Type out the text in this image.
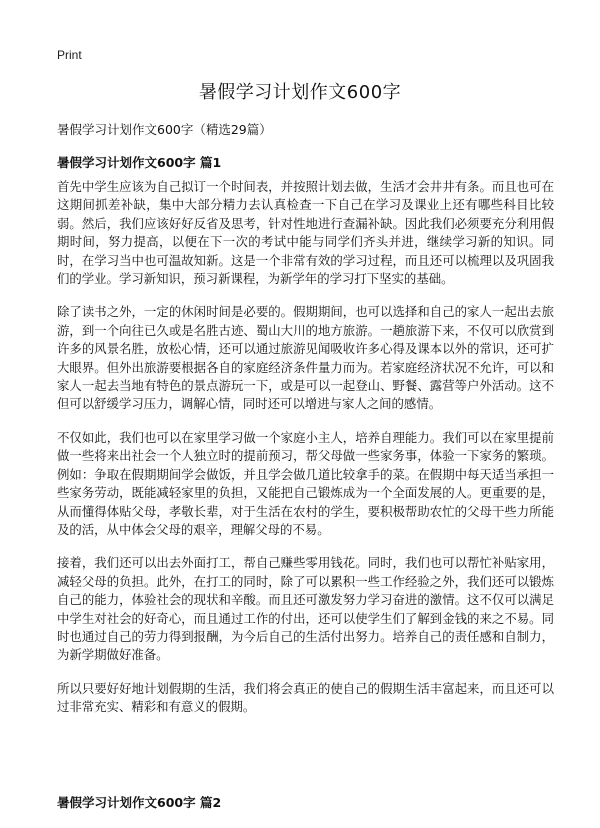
Print
暑假学习计划作文600字

暑假学习计划作文600字（精选29篇）

暑假学习计划作文600字 篇1

首先中学生应该为自己拟订一个时间表，并按照计划去做，生活才会井井有条。而且也可在这期间抓差补缺，集中大部分精力去认真检查一下自己在学习及课业上还有哪些科目比较弱。然后，我们应该好好反省及思考，针对性地进行查漏补缺。因此我们必须要充分利用假期时间，努力提高，以便在下一次的考试中能与同学们齐头并进，继续学习新的知识。同时，在学习当中也可温故知新。这是一个非常有效的学习过程，而且还可以梳理以及巩固我们的学业。学习新知识，预习新课程，为新学年的学习打下坚实的基础。

除了读书之外，一定的休闲时间是必要的。假期期间，也可以选择和自己的家人一起出去旅游，到一个向往已久或是名胜古迹、蜀山大川的地方旅游。一趟旅游下来，不仅可以欣赏到许多的风景名胜，放松心情，还可以通过旅游见闻吸收许多心得及课本以外的常识，还可扩大眼界。但外出旅游要根据各自的家庭经济条件量力而为。若家庭经济状况不允许，可以和家人一起去当地有特色的景点游玩一下，或是可以一起登山、野餐、露营等户外活动。这不但可以舒缓学习压力，调解心情，同时还可以增进与家人之间的感情。

不仅如此，我们也可以在家里学习做一个家庭小主人，培养自理能力。我们可以在家里提前做一些将来出社会一个人独立时的提前预习，帮父母做一些家务事，体验一下家务的繁琐。例如：争取在假期期间学会做饭，并且学会做几道比较拿手的菜。在假期中每天适当承担一些家务劳动，既能减轻家里的负担，又能把自己锻炼成为一个全面发展的人。更重要的是，从而懂得体贴父母，孝敬长辈，对于生活在农村的学生，要积极帮助农忙的父母干些力所能及的活，从中体会父母的艰辛，理解父母的不易。

接着，我们还可以出去外面打工，帮自己赚些零用钱花。同时，我们也可以帮忙补贴家用，减轻父母的负担。此外，在打工的同时，除了可以累积一些工作经验之外，我们还可以锻炼自己的能力，体验社会的现状和辛酸。而且还可激发努力学习奋进的激情。这不仅可以满足中学生对社会的好奇心，而且通过工作的付出，还可以使学生们了解到金钱的来之不易。同时也通过自己的劳力得到报酬，为今后自己的生活付出努力。培养自己的责任感和自制力，为新学期做好准备。

所以只要好好地计划假期的生活，我们将会真正的使自己的假期生活丰富起来，而且还可以过非常充实、精彩和有意义的假期。

暑假学习计划作文600字 篇2
